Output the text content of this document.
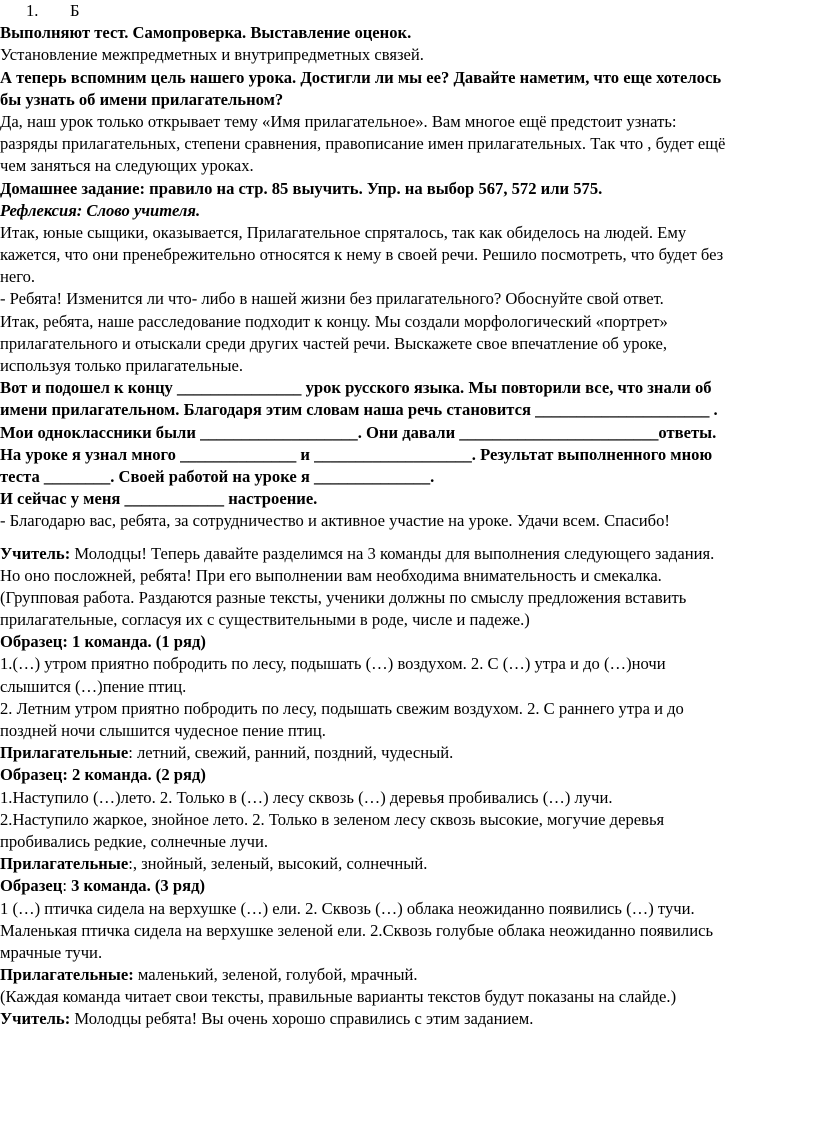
1. Б
Выполняют тест. Самопроверка. Выставление оценок.
Установление межпредметных и внутрипредметных связей.
А теперь вспомним цель нашего урока. Достигли ли мы ее? Давайте наметим, что еще хотелось
бы узнать об имени прилагательном?
Да, наш урок только открывает тему «Имя прилагательное». Вам многое ещё предстоит узнать:
разряды прилагательных, степени сравнения, правописание имен прилагательных. Так что , будет ещё
чем заняться на следующих уроках.
Домашнее задание: правило на стр. 85 выучить. Упр. на выбор 567, 572 или 575.
Рефлексия: Слово учителя.
Итак, юные сыщики, оказывается, Прилагательное спряталось, так как обиделось на людей. Ему
кажется, что они пренебрежительно относятся к нему в своей речи. Решило посмотреть, что будет без
него.
- Ребята! Изменится ли что- либо в нашей жизни без прилагательного? Обоснуйте свой ответ.
Итак, ребята, наше расследование подходит к концу. Мы создали морфологический «портрет»
прилагательного и отыскали среди других частей речи. Выскажете свое впечатление об уроке,
используя только прилагательные.
Вот и подошел к концу _______________ урок русского языка. Мы повторили все, что знали об
имени прилагательном. Благодаря этим словам наша речь становится _____________________ .
Мои одноклассники были ___________________. Они давали ________________________ответы.
На уроке я узнал много ______________ и ___________________. Результат выполненного мною
теста ________. Своей работой на уроке я ______________.
И сейчас у меня ____________ настроение.
- Благодарю вас, ребята, за сотрудничество и активное участие на уроке. Удачи всем. Спасибо!
Учитель: Молодцы! Теперь давайте разделимся на 3 команды для выполнения следующего задания.
Но оно посложней, ребята! При его выполнении вам необходима внимательность и смекалка.
(Групповая работа. Раздаются разные тексты, ученики должны по смыслу предложения вставить
прилагательные, согласуя их с существительными в роде, числе и падеже.)
Образец: 1 команда. (1 ряд)
1.(…) утром приятно побродить по лесу, подышать (…) воздухом. 2. С (…) утра и до (…)ночи
слышится (…)пение птиц.
2. Летним утром приятно побродить по лесу, подышать свежим воздухом. 2. С раннего утра и до
поздней ночи слышится чудесное пение птиц.
Прилагательные: летний, свежий, ранний, поздний, чудесный.
Образец: 2 команда. (2 ряд)
1.Наступило (…)лето. 2. Только в (…) лесу сквозь (…) деревья пробивались (…) лучи.
2.Наступило жаркое, знойное лето. 2. Только в зеленом лесу сквозь высокие, могучие деревья
пробивались редкие, солнечные лучи.
Прилагательные:, знойный, зеленый, высокий, солнечный.
Образец: 3 команда. (3 ряд)
1 (…) птичка сидела на верхушке (…) ели. 2. Сквозь (…) облака неожиданно появились (…) тучи.
Маленькая птичка сидела на верхушке зеленой ели. 2.Сквозь голубые облака неожиданно появились
мрачные тучи.
Прилагательные: маленький, зеленой, голубой, мрачный.
(Каждая команда читает свои тексты, правильные варианты текстов будут показаны на слайде.)
Учитель: Молодцы ребята! Вы очень хорошо справились с этим заданием.
